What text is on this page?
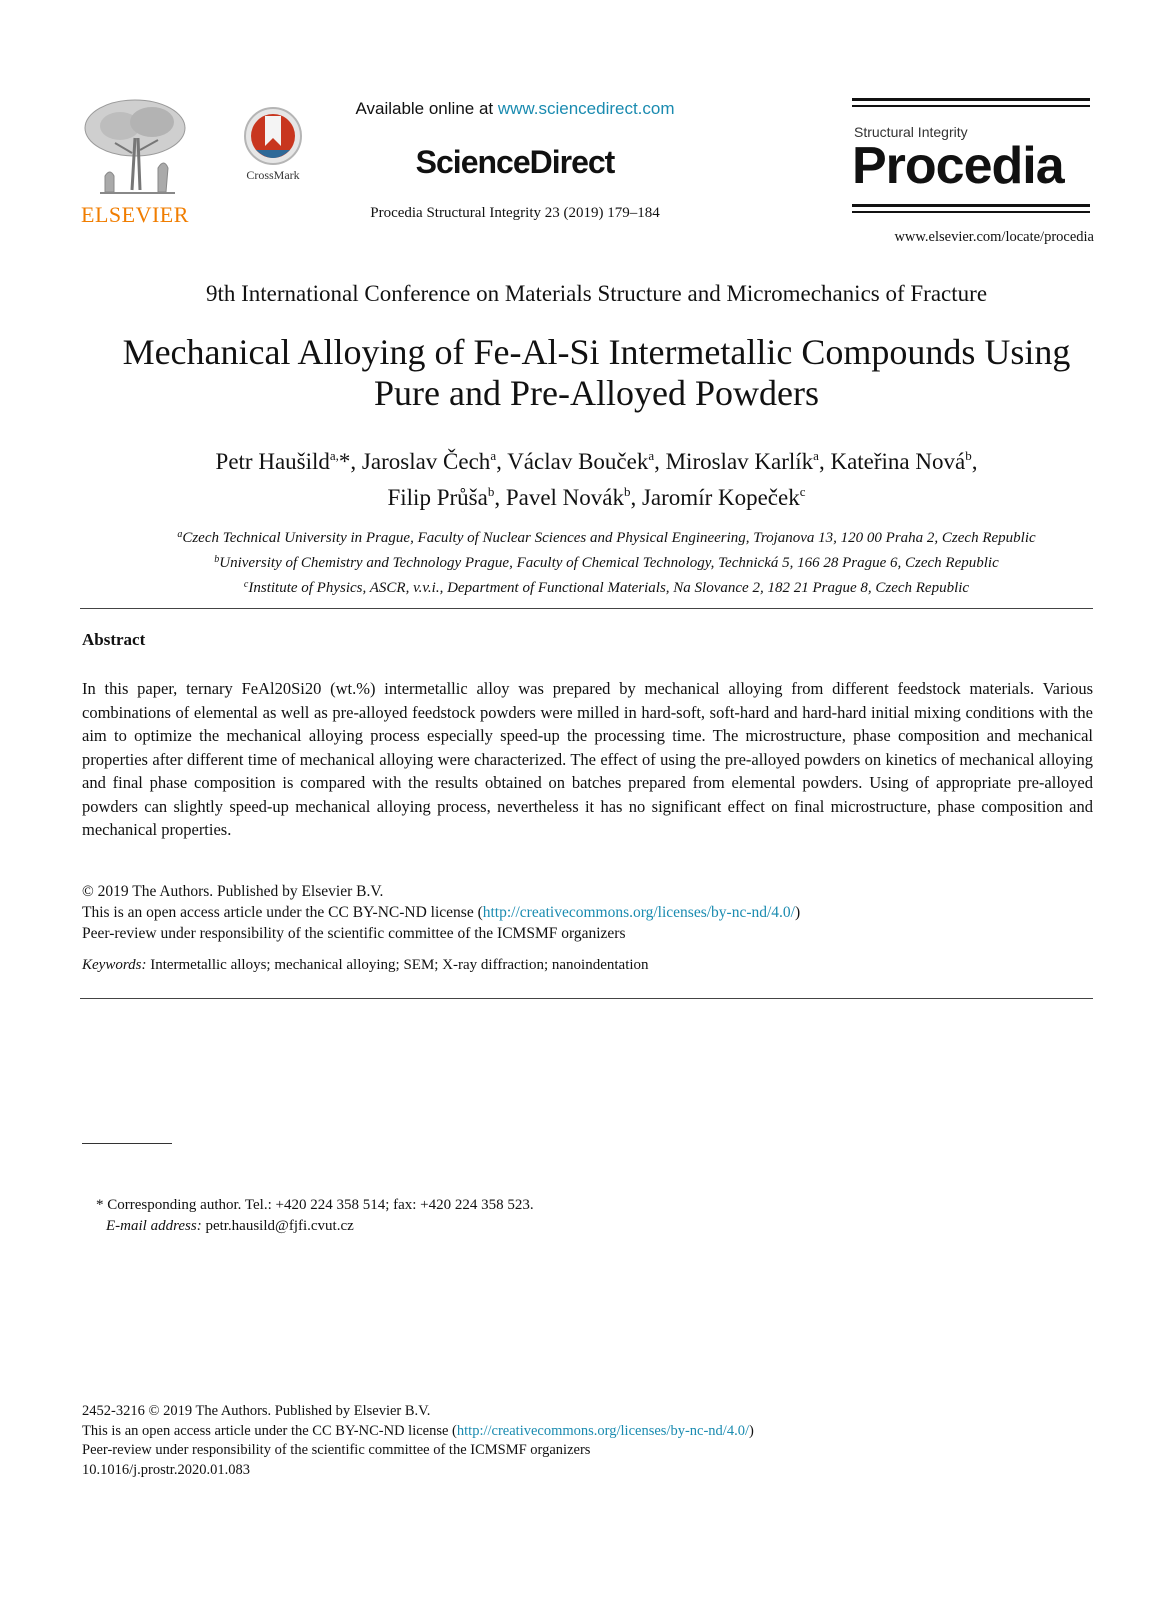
ELSEVIER
CrossMark
Available online at www.sciencedirect.com
ScienceDirect
Procedia Structural Integrity 23 (2019) 179–184
Structural Integrity
Procedia
www.elsevier.com/locate/procedia
9th International Conference on Materials Structure and Micromechanics of Fracture
Mechanical Alloying of Fe-Al-Si Intermetallic Compounds Using
Pure and Pre-Alloyed Powders
Petr Haušild$^{a,}$*, Jaroslav Čech$^a$, Václav Bouček$^a$, Miroslav Karlík$^a$, Kateřina Nová$^b$,
Filip Průša$^b$, Pavel Novák$^b$, Jaromír Kopeček$^c$
$^a$Czech Technical University in Prague, Faculty of Nuclear Sciences and Physical Engineering, Trojanova 13, 120 00 Praha 2, Czech Republic
$^b$University of Chemistry and Technology Prague, Faculty of Chemical Technology, Technická 5, 166 28 Prague 6, Czech Republic
$^c$Institute of Physics, ASCR, v.v.i., Department of Functional Materials, Na Slovance 2, 182 21 Prague 8, Czech Republic
Abstract
In this paper, ternary FeAl20Si20 (wt.%) intermetallic alloy was prepared by mechanical alloying from different feedstock materials. Various combinations of elemental as well as pre-alloyed feedstock powders were milled in hard-soft, soft-hard and hard-hard initial mixing conditions with the aim to optimize the mechanical alloying process especially speed-up the processing time. The microstructure, phase composition and mechanical properties after different time of mechanical alloying were characterized. The effect of using the pre-alloyed powders on kinetics of mechanical alloying and final phase composition is compared with the results obtained on batches prepared from elemental powders. Using of appropriate pre-alloyed powders can slightly speed-up mechanical alloying process, nevertheless it has no significant effect on final microstructure, phase composition and mechanical properties.
© 2019 The Authors. Published by Elsevier B.V.
This is an open access article under the CC BY-NC-ND license (http://creativecommons.org/licenses/by-nc-nd/4.0/)
Peer-review under responsibility of the scientific committee of the ICMSMF organizers
Keywords: Intermetallic alloys; mechanical alloying; SEM; X-ray diffraction; nanoindentation
* Corresponding author. Tel.: +420 224 358 514; fax: +420 224 358 523.
E-mail address: petr.hausild@fjfi.cvut.cz
2452-3216 © 2019 The Authors. Published by Elsevier B.V.
This is an open access article under the CC BY-NC-ND license (http://creativecommons.org/licenses/by-nc-nd/4.0/)
Peer-review under responsibility of the scientific committee of the ICMSMF organizers
10.1016/j.prostr.2020.01.083
